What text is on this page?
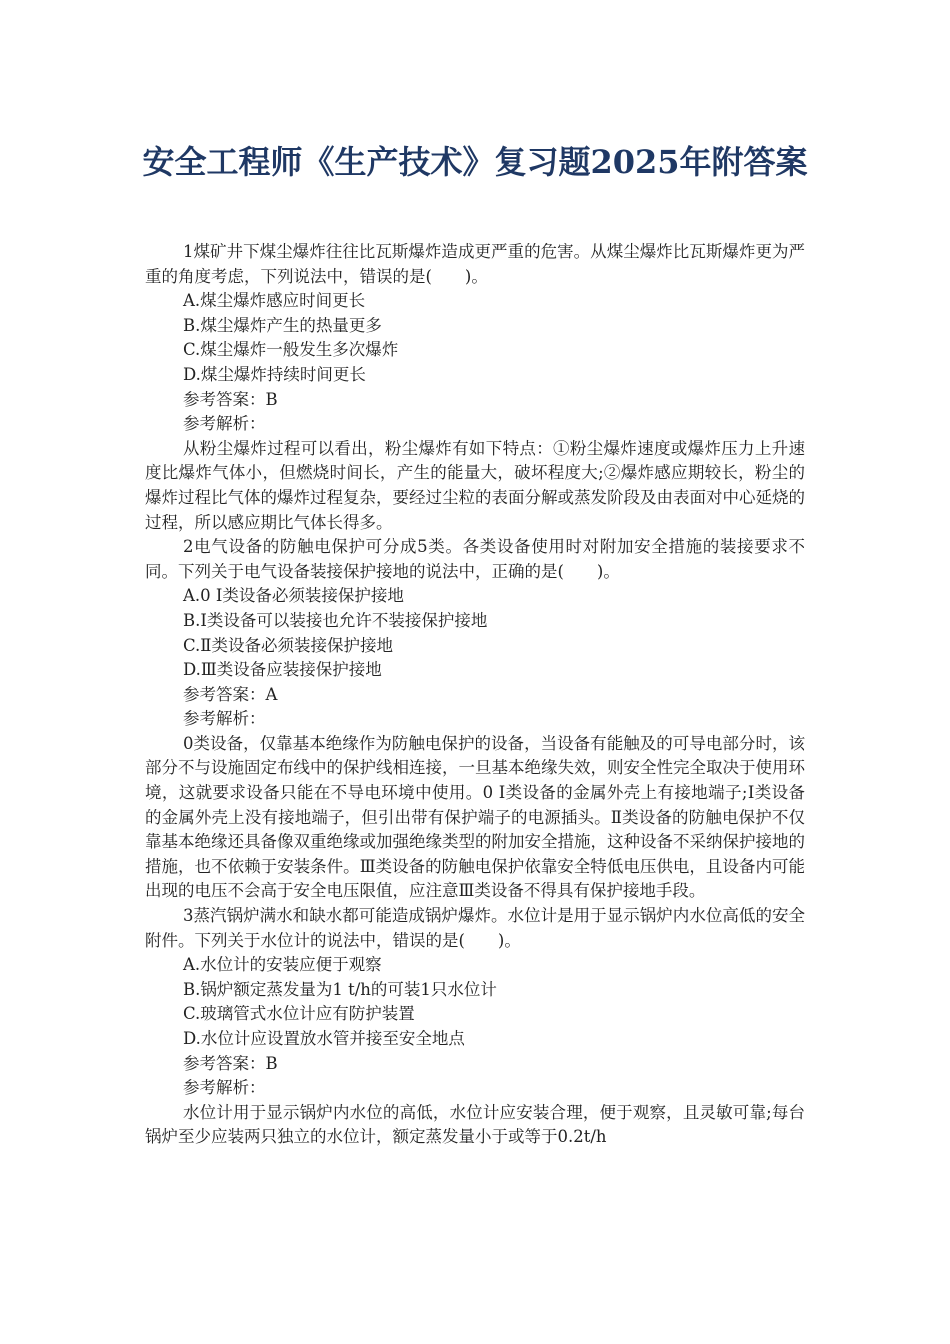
安全工程师《生产技术》复习题2025年附答案

1煤矿井下煤尘爆炸往往比瓦斯爆炸造成更严重的危害。从煤尘爆炸比瓦斯爆炸更为严重的角度考虑，下列说法中，错误的是(　　)。

A.煤尘爆炸感应时间更长

B.煤尘爆炸产生的热量更多

C.煤尘爆炸一般发生多次爆炸

D.煤尘爆炸持续时间更长

参考答案：B

参考解析：

从粉尘爆炸过程可以看出，粉尘爆炸有如下特点：①粉尘爆炸速度或爆炸压力上升速度比爆炸气体小，但燃烧时间长，产生的能量大，破坏程度大;②爆炸感应期较长，粉尘的爆炸过程比气体的爆炸过程复杂，要经过尘粒的表面分解或蒸发阶段及由表面对中心延烧的过程，所以感应期比气体长得多。

2电气设备的防触电保护可分成5类。各类设备使用时对附加安全措施的装接要求不同。下列关于电气设备装接保护接地的说法中，正确的是(　　)。

A.0 Ⅰ类设备必须装接保护接地

B.Ⅰ类设备可以装接也允许不装接保护接地

C.Ⅱ类设备必须装接保护接地

D.Ⅲ类设备应装接保护接地

参考答案：A

参考解析：

0类设备，仅靠基本绝缘作为防触电保护的设备，当设备有能触及的可导电部分时，该部分不与设施固定布线中的保护线相连接，一旦基本绝缘失效，则安全性完全取决于使用环境，这就要求设备只能在不导电环境中使用。0 Ⅰ类设备的金属外壳上有接地端子;Ⅰ类设备的金属外壳上没有接地端子，但引出带有保护端子的电源插头。Ⅱ类设备的防触电保护不仅靠基本绝缘还具备像双重绝缘或加强绝缘类型的附加安全措施，这种设备不采纳保护接地的措施，也不依赖于安装条件。Ⅲ类设备的防触电保护依靠安全特低电压供电，且设备内可能出现的电压不会高于安全电压限值，应注意Ⅲ类设备不得具有保护接地手段。

3蒸汽锅炉满水和缺水都可能造成锅炉爆炸。水位计是用于显示锅炉内水位高低的安全附件。下列关于水位计的说法中，错误的是(　　)。

A.水位计的安装应便于观察

B.锅炉额定蒸发量为1 t/h的可装1只水位计

C.玻璃管式水位计应有防护装置

D.水位计应设置放水管并接至安全地点

参考答案：B

参考解析：

水位计用于显示锅炉内水位的高低，水位计应安装合理，便于观察，且灵敏可靠;每台锅炉至少应装两只独立的水位计，额定蒸发量小于或等于0.2t/h
